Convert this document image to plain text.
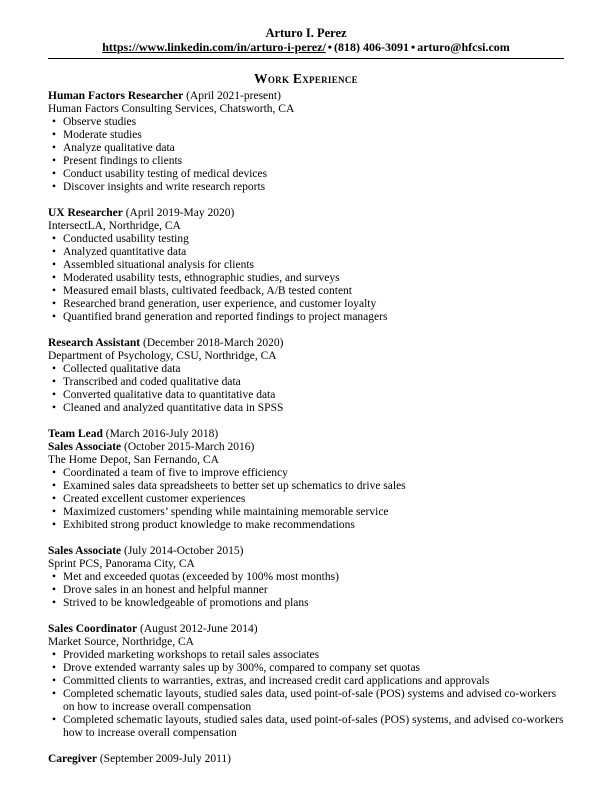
Arturo I. Perez
https://www.linkedin.com/in/arturo-i-perez/ • (818) 406-3091 • arturo@hfcsi.com
Work Experience
Human Factors Researcher (April 2021-present)
Human Factors Consulting Services, Chatsworth, CA
• Observe studies
• Moderate studies
• Analyze qualitative data
• Present findings to clients
• Conduct usability testing of medical devices
• Discover insights and write research reports
UX Researcher (April 2019-May 2020)
IntersectLA, Northridge, CA
• Conducted usability testing
• Analyzed quantitative data
• Assembled situational analysis for clients
• Moderated usability tests, ethnographic studies, and surveys
• Measured email blasts, cultivated feedback, A/B tested content
• Researched brand generation, user experience, and customer loyalty
• Quantified brand generation and reported findings to project managers
Research Assistant (December 2018-March 2020)
Department of Psychology, CSU, Northridge, CA
• Collected qualitative data
• Transcribed and coded qualitative data
• Converted qualitative data to quantitative data
• Cleaned and analyzed quantitative data in SPSS
Team Lead (March 2016-July 2018)
Sales Associate (October 2015-March 2016)
The Home Depot, San Fernando, CA
• Coordinated a team of five to improve efficiency
• Examined sales data spreadsheets to better set up schematics to drive sales
• Created excellent customer experiences
• Maximized customers’ spending while maintaining memorable service
• Exhibited strong product knowledge to make recommendations
Sales Associate (July 2014-October 2015)
Sprint PCS, Panorama City, CA
• Met and exceeded quotas (exceeded by 100% most months)
• Drove sales in an honest and helpful manner
• Strived to be knowledgeable of promotions and plans
Sales Coordinator (August 2012-June 2014)
Market Source, Northridge, CA
• Provided marketing workshops to retail sales associates
• Drove extended warranty sales up by 300%, compared to company set quotas
• Committed clients to warranties, extras, and increased credit card applications and approvals
• Completed schematic layouts, studied sales data, used point-of-sale (POS) systems and advised co-workers on how to increase overall compensation
• Completed schematic layouts, studied sales data, used point-of-sales (POS) systems, and advised co-workers how to increase overall compensation
Caregiver (September 2009-July 2011)
